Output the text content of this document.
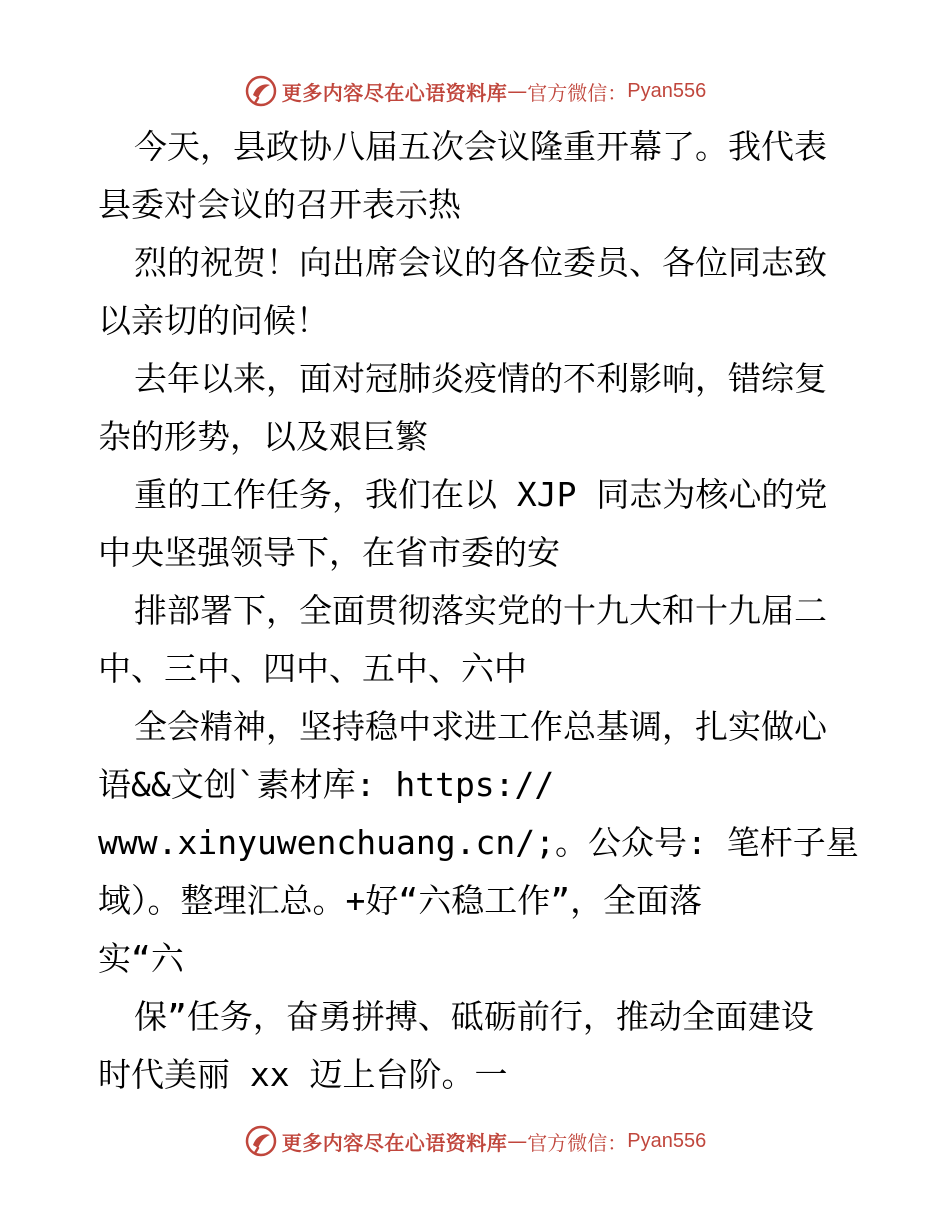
更多内容尽在心语资料库 — 官方微信： Pyan556
今天，县政协八届五次会议隆重开幕了。我代表
县委对会议的召开表示热
烈的祝贺！向出席会议的各位委员、各位同志致
以亲切的问候！
去年以来，面对冠肺炎疫情的不利影响，错综复
杂的形势，以及艰巨繁
重的工作任务，我们在以 XJP 同志为核心的党
中央坚强领导下，在省市委的安
排部署下，全面贯彻落实党的十九大和十九届二
中、三中、四中、五中、六中
全会精神，坚持稳中求进工作总基调，扎实做心
语&&文创`素材库: https://
www.xinyuwenchuang.cn/;。公众号: 笔杆子星
域）。整理汇总。+好“六稳工作”，全面落
实“六
保”任务，奋勇拼搏、砥砺前行，推动全面建设
时代美丽 xx 迈上台阶。一
更多内容尽在心语资料库 — 官方微信： Pyan556
